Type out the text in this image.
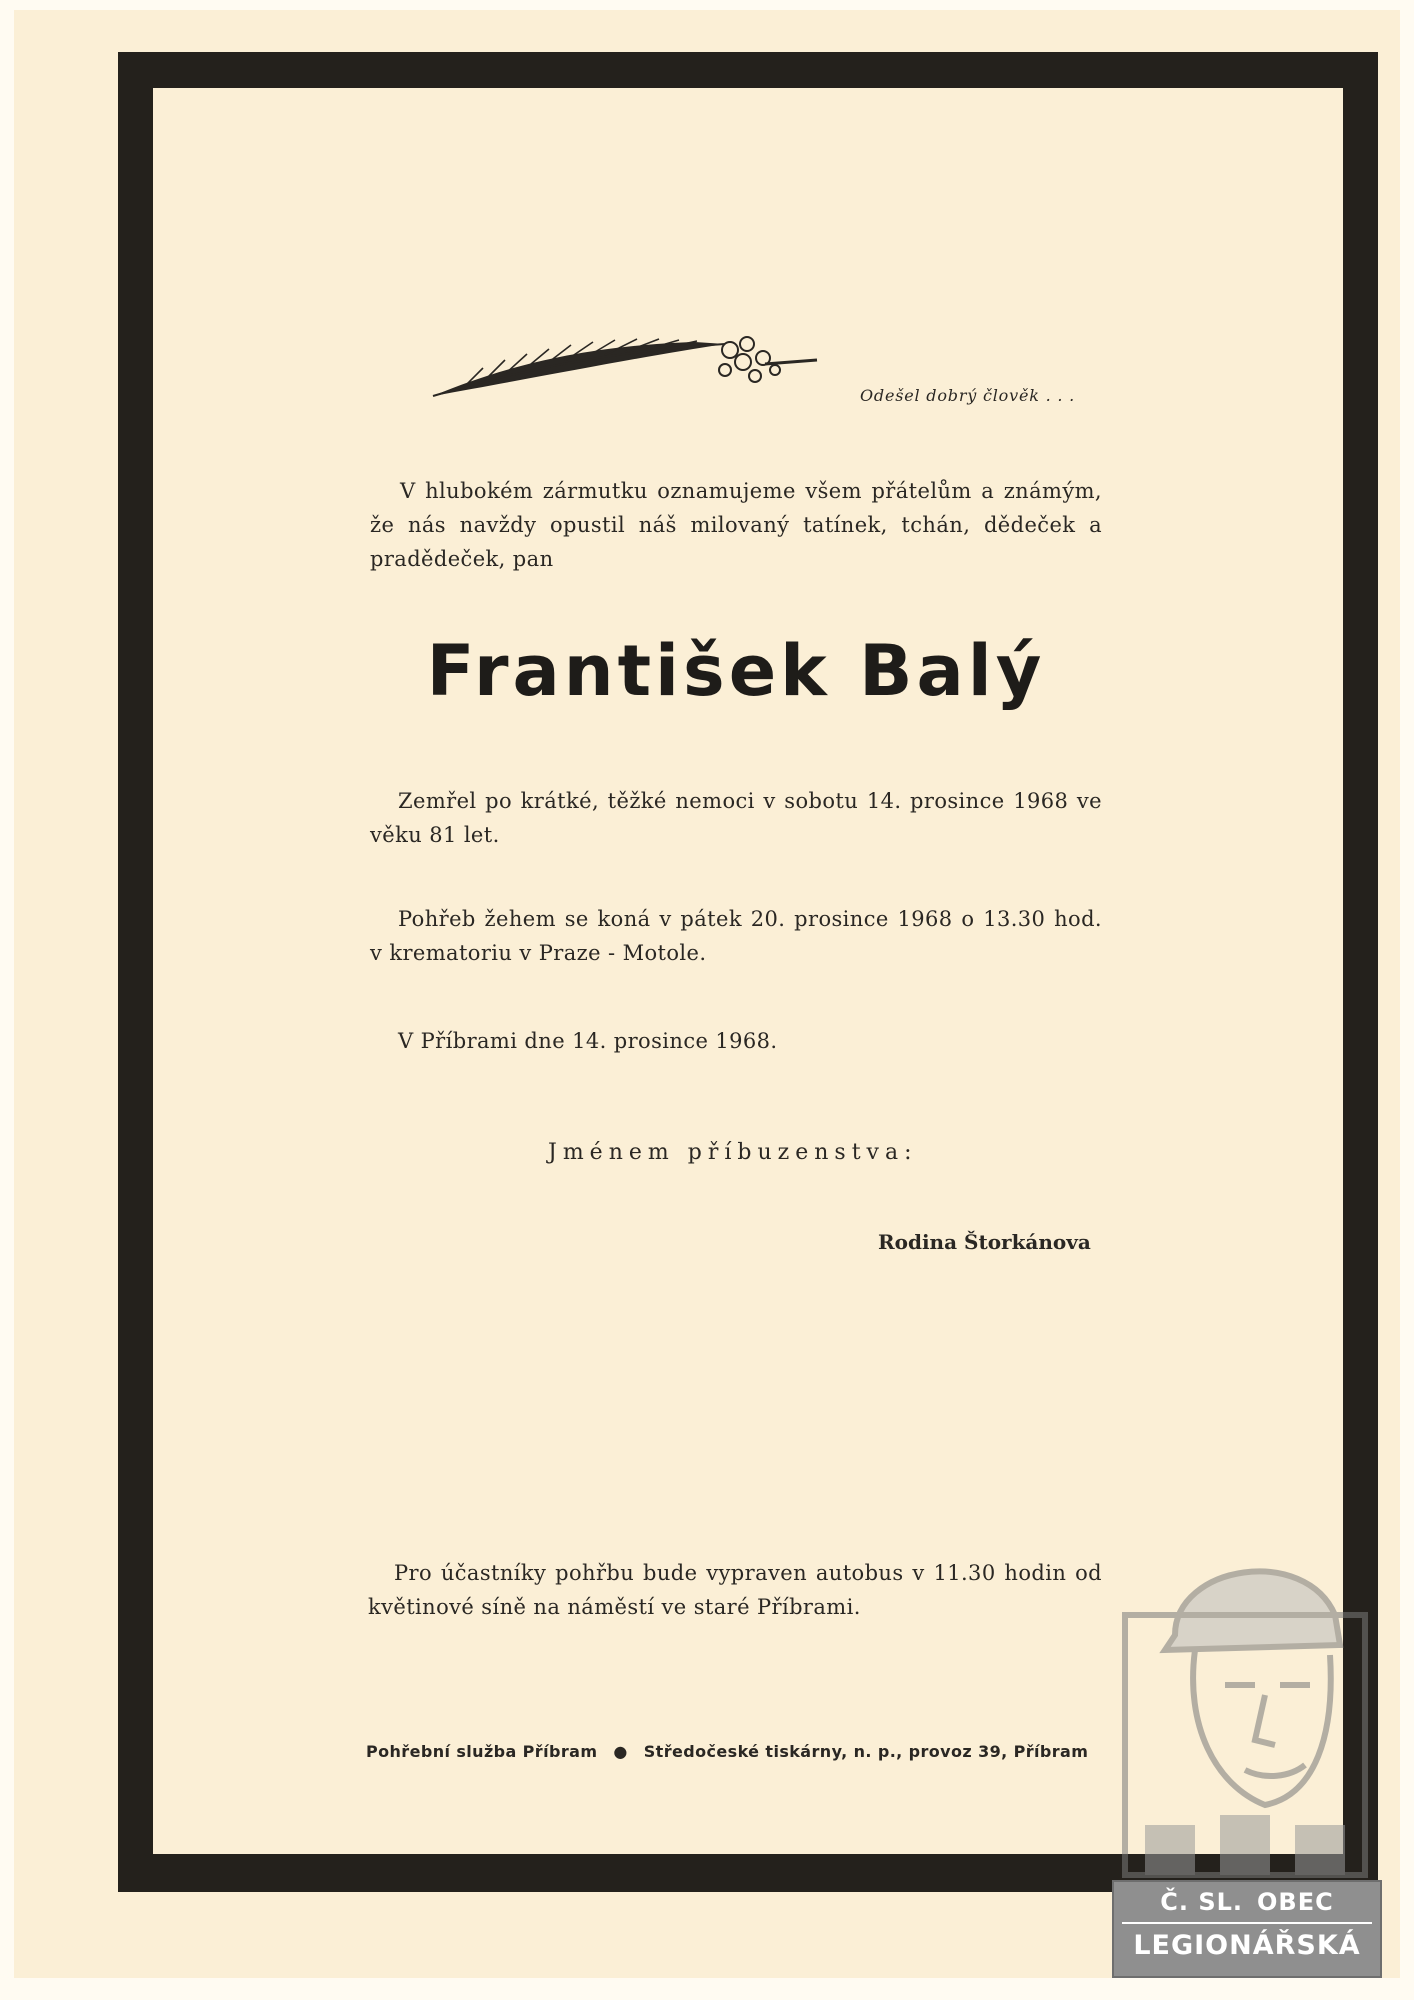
Odešel dobrý člověk . . .
V hlubokém zármutku oznamujeme všem přátelům a známým, že nás navždy opustil náš milovaný tatínek, tchán, dědeček a pradědeček, pan
František Balý
Zemřel po krátké, těžké nemoci v sobotu 14. prosince 1968 ve věku 81 let.
Pohřeb žehem se koná v pátek 20. prosince 1968 o 13.30 hod. v krematoriu v Praze - Motole.
V Příbrami dne 14. prosince 1968.
Jménem příbuzenstva:
Rodina Štorkánova
Pro účastníky pohřbu bude vypraven autobus v 11.30 hodin od květinové síně na náměstí ve staré Příbrami.
Pohřební služba Příbram ● Středočeské tiskárny, n. p., provoz 39, Příbram
Č. SL. OBEC
LEGIONÁŘSKÁ
